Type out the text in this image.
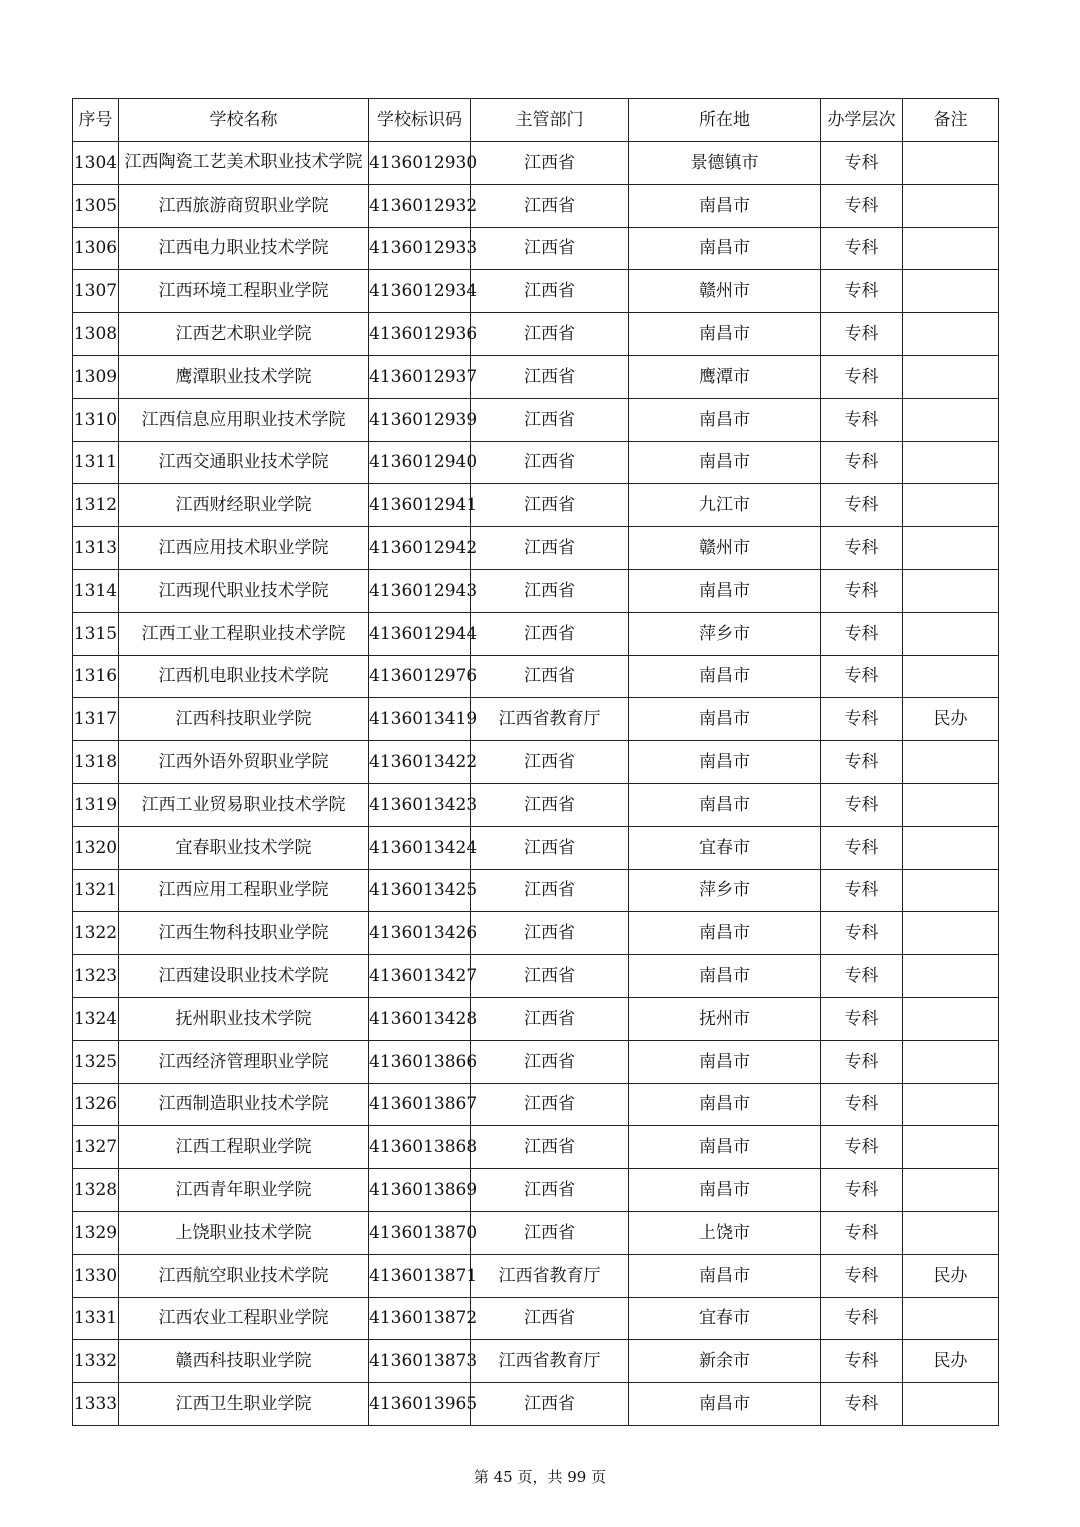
序号	学校名称	学校标识码	主管部门	所在地	办学层次	备注
1304	江西陶瓷工艺美术职业技术学院	4136012930	江西省	景德镇市	专科	
1305	江西旅游商贸职业学院	4136012932	江西省	南昌市	专科	
1306	江西电力职业技术学院	4136012933	江西省	南昌市	专科	
1307	江西环境工程职业学院	4136012934	江西省	赣州市	专科	
1308	江西艺术职业学院	4136012936	江西省	南昌市	专科	
1309	鹰潭职业技术学院	4136012937	江西省	鹰潭市	专科	
1310	江西信息应用职业技术学院	4136012939	江西省	南昌市	专科	
1311	江西交通职业技术学院	4136012940	江西省	南昌市	专科	
1312	江西财经职业学院	4136012941	江西省	九江市	专科	
1313	江西应用技术职业学院	4136012942	江西省	赣州市	专科	
1314	江西现代职业技术学院	4136012943	江西省	南昌市	专科	
1315	江西工业工程职业技术学院	4136012944	江西省	萍乡市	专科	
1316	江西机电职业技术学院	4136012976	江西省	南昌市	专科	
1317	江西科技职业学院	4136013419	江西省教育厅	南昌市	专科	民办
1318	江西外语外贸职业学院	4136013422	江西省	南昌市	专科	
1319	江西工业贸易职业技术学院	4136013423	江西省	南昌市	专科	
1320	宜春职业技术学院	4136013424	江西省	宜春市	专科	
1321	江西应用工程职业学院	4136013425	江西省	萍乡市	专科	
1322	江西生物科技职业学院	4136013426	江西省	南昌市	专科	
1323	江西建设职业技术学院	4136013427	江西省	南昌市	专科	
1324	抚州职业技术学院	4136013428	江西省	抚州市	专科	
1325	江西经济管理职业学院	4136013866	江西省	南昌市	专科	
1326	江西制造职业技术学院	4136013867	江西省	南昌市	专科	
1327	江西工程职业学院	4136013868	江西省	南昌市	专科	
1328	江西青年职业学院	4136013869	江西省	南昌市	专科	
1329	上饶职业技术学院	4136013870	江西省	上饶市	专科	
1330	江西航空职业技术学院	4136013871	江西省教育厅	南昌市	专科	民办
1331	江西农业工程职业学院	4136013872	江西省	宜春市	专科	
1332	赣西科技职业学院	4136013873	江西省教育厅	新余市	专科	民办
1333	江西卫生职业学院	4136013965	江西省	南昌市	专科	
第 45 页，共 99 页
